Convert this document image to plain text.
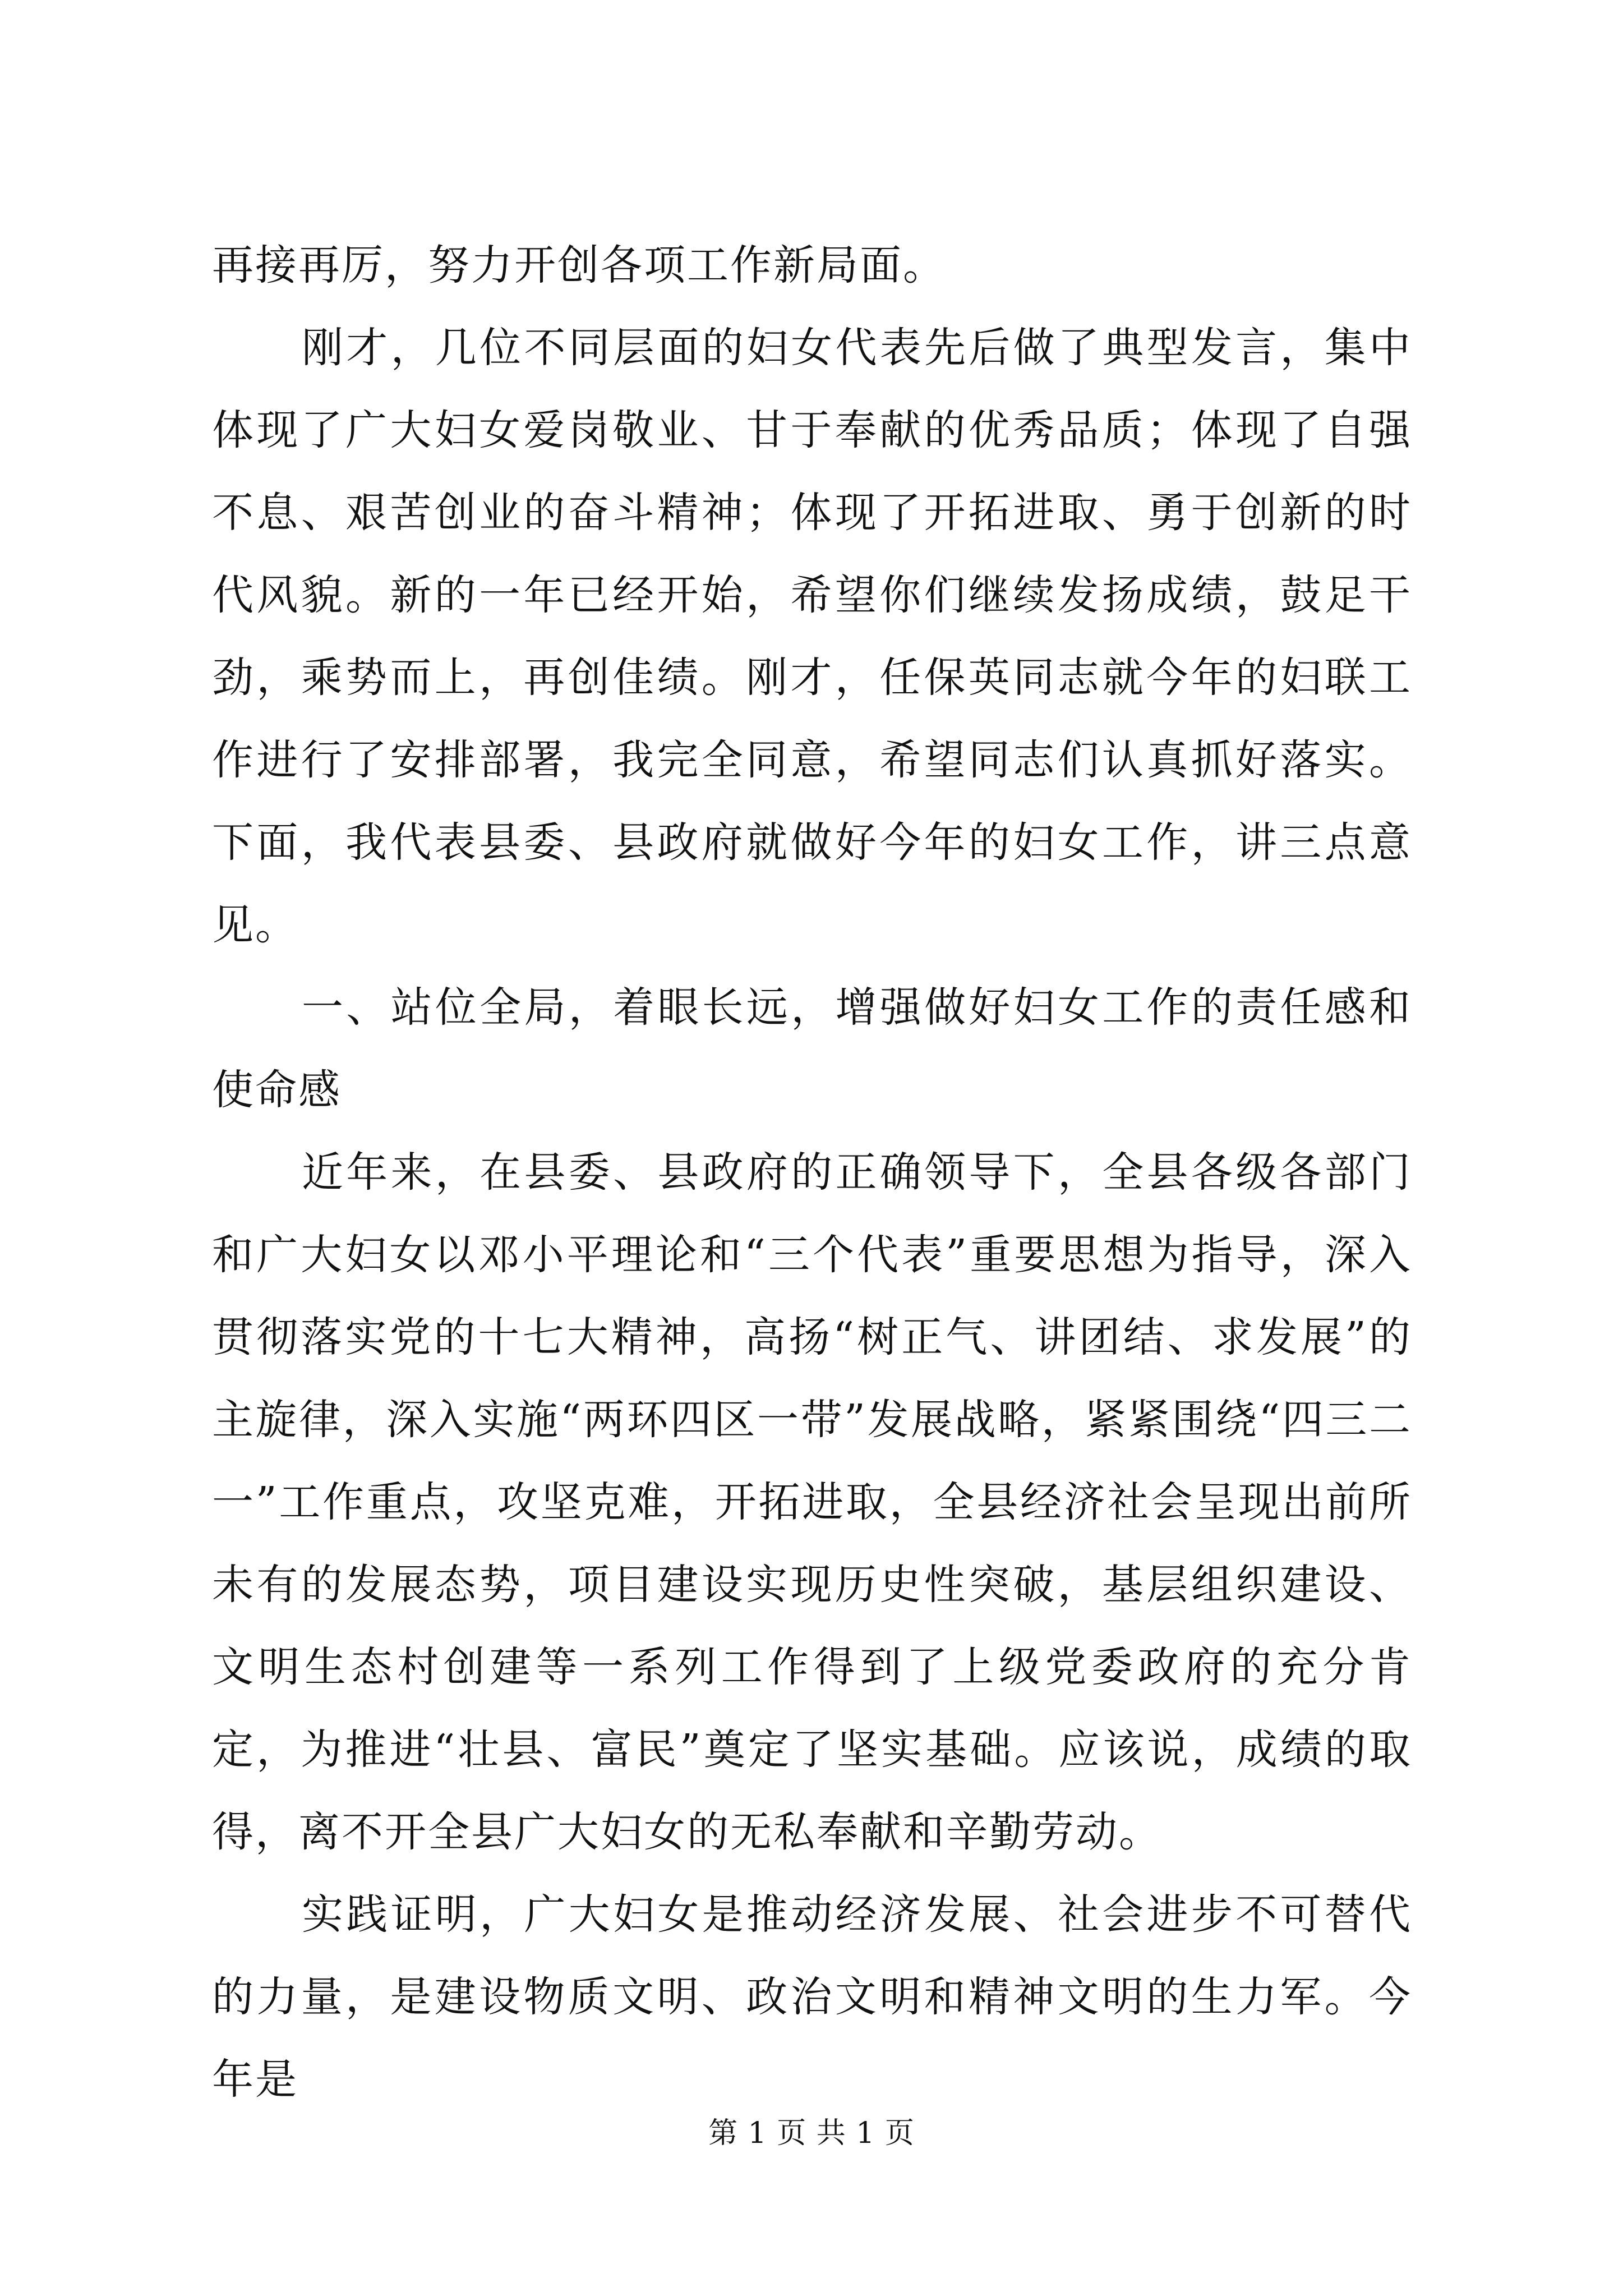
再接再厉，努力开创各项工作新局面。

刚才，几位不同层面的妇女代表先后做了典型发言，集中体现了广大妇女爱岗敬业、甘于奉献的优秀品质；体现了自强不息、艰苦创业的奋斗精神；体现了开拓进取、勇于创新的时代风貌。新的一年已经开始，希望你们继续发扬成绩，鼓足干劲，乘势而上，再创佳绩。刚才，任保英同志就今年的妇联工作进行了安排部署，我完全同意，希望同志们认真抓好落实。下面，我代表县委、县政府就做好今年的妇女工作，讲三点意见。

一、站位全局，着眼长远，增强做好妇女工作的责任感和使命感

近年来，在县委、县政府的正确领导下，全县各级各部门和广大妇女以邓小平理论和“三个代表”重要思想为指导，深入贯彻落实党的十七大精神，高扬“树正气、讲团结、求发展”的主旋律，深入实施“两环四区一带”发展战略，紧紧围绕“四三二一”工作重点，攻坚克难，开拓进取，全县经济社会呈现出前所未有的发展态势，项目建设实现历史性突破，基层组织建设、文明生态村创建等一系列工作得到了上级党委政府的充分肯定，为推进“壮县、富民”奠定了坚实基础。应该说，成绩的取得，离不开全县广大妇女的无私奉献和辛勤劳动。

实践证明，广大妇女是推动经济发展、社会进步不可替代的力量，是建设物质文明、政治文明和精神文明的生力军。今年是

第 1 页 共 1 页
